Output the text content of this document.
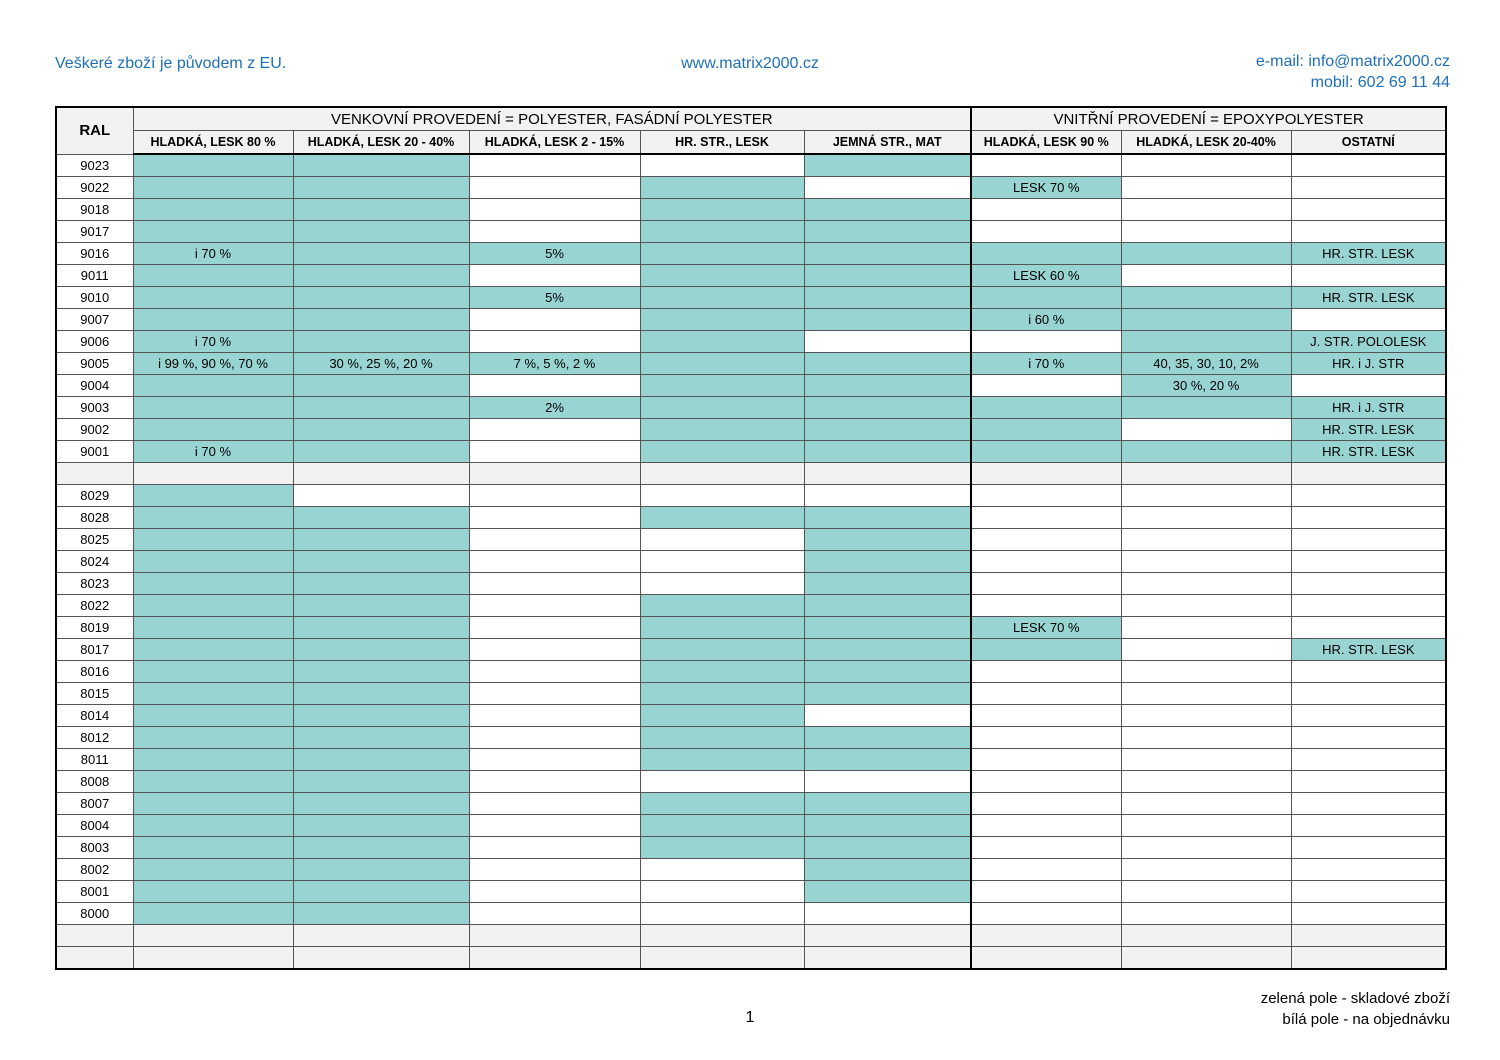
Veškeré zboží je původem z EU.	www.matrix2000.cz	e-mail: info@matrix2000.cz
mobil: 602 69 11 44
RAL	VENKOVNÍ PROVEDENÍ = POLYESTER, FASÁDNÍ POLYESTER					VNITŘNÍ PROVEDENÍ = EPOXYPOLYESTER		
	HLADKÁ, LESK 80 %	HLADKÁ, LESK 20 - 40%	HLADKÁ, LESK 2 - 15%	HR. STR., LESK	JEMNÁ STR., MAT	HLADKÁ, LESK 90 %	HLADKÁ, LESK 20-40%	OSTATNÍ
9023								
9022						LESK 70 %		
9018								
9017								
9016	i 70 %		5%					HR. STR. LESK
9011						LESK 60 %		
9010			5%					HR. STR. LESK
9007						i 60 %		
9006	i 70 %							J. STR. POLOLESK
9005	i 99 %, 90 %, 70 %	30 %, 25 %, 20 %	7 %, 5 %, 2 %			i 70 %	40, 35, 30, 10, 2%	HR. i J. STR
9004							30 %, 20 %	
9003			2%					HR. i J. STR
9002								HR. STR. LESK
9001	i 70 %							HR. STR. LESK

8029								
8028								
8025								
8024								
8023								
8022								
8019						LESK 70 %		
8017								HR. STR. LESK
8016								
8015								
8014								
8012								
8011								
8008								
8007								
8004								
8003								
8002								
8001								
8000								

zelená pole - skladové zboží
bílá pole - na objednávku
1
